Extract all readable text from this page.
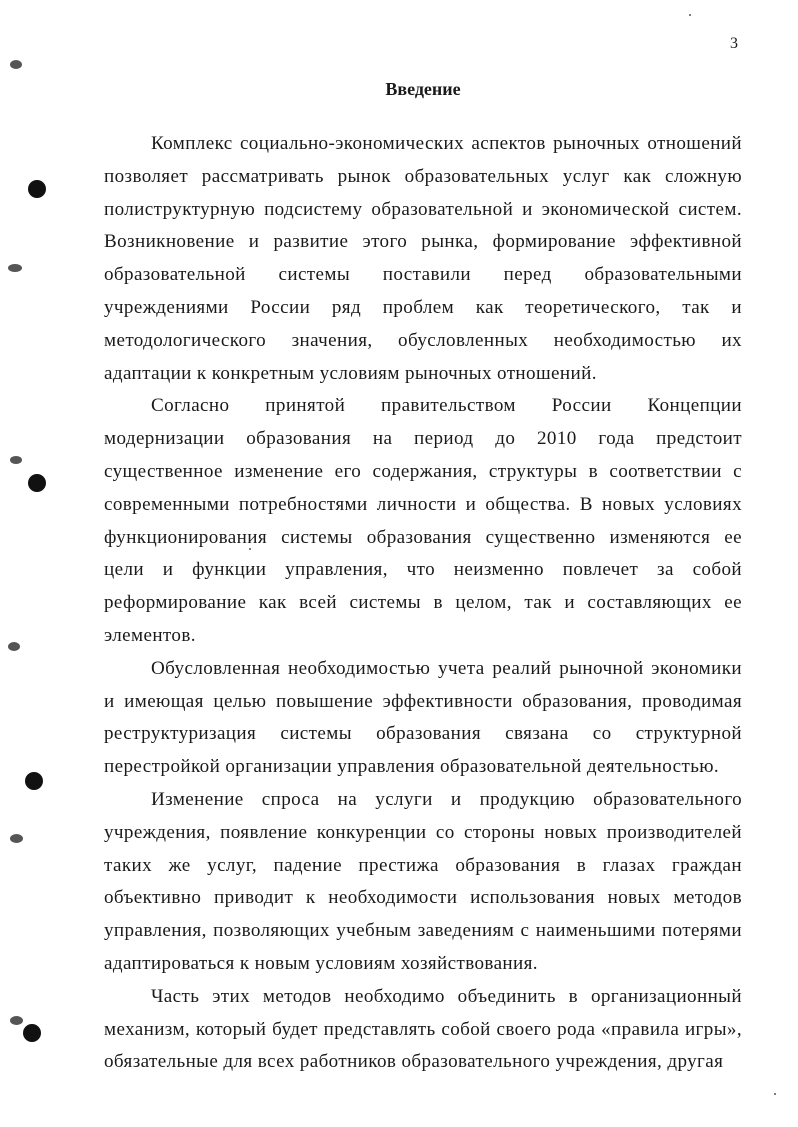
3
Введение

Комплекс социально-экономических аспектов рыночных отношений позволяет рассматривать рынок образовательных услуг как сложную полиструктурную подсистему образовательной и экономической систем. Возникновение и развитие этого рынка, формирование эффективной образовательной системы поставили перед образовательными учреждениями России ряд проблем как теоретического, так и методологического значения, обусловленных необходимостью их адаптации к конкретным условиям рыночных отношений.

Согласно принятой правительством России Концепции модернизации образования на период до 2010 года предстоит существенное изменение его содержания, структуры в соответствии с современными потребностями личности и общества. В новых условиях функционирования системы образования существенно изменяются ее цели и функции управления, что неизменно повлечет за собой реформирование как всей системы в целом, так и составляющих ее элементов.

Обусловленная необходимостью учета реалий рыночной экономики и имеющая целью повышение эффективности образования, проводимая реструктуризация системы образования связана со структурной перестройкой организации управления образовательной деятельностью.

Изменение спроса на услуги и продукцию образовательного учреждения, появление конкуренции со стороны новых производителей таких же услуг, падение престижа образования в глазах граждан объективно приводит к необходимости использования новых методов управления, позволяющих учебным заведениям с наименьшими потерями адаптироваться к новым условиям хозяйствования.

Часть этих методов необходимо объединить в организационный механизм, который будет представлять собой своего рода «правила игры», обязательные для всех работников образовательного учреждения, другая
